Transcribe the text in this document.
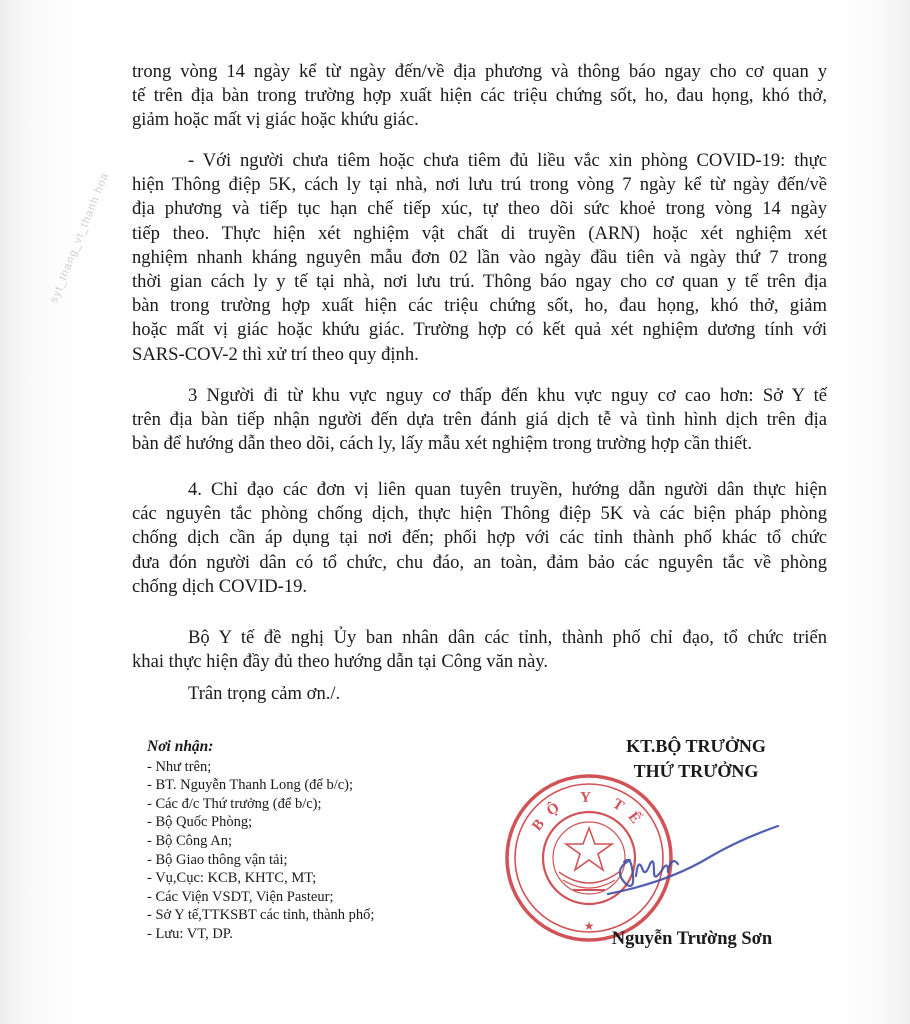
syt_thang_vt_thanh hoa
trong vòng 14 ngày kể từ ngày đến/về địa phương và thông báo ngay cho cơ quan y
tế trên địa bàn trong trường hợp xuất hiện các triệu chứng sốt, ho, đau họng, khó thở,
giảm hoặc mất vị giác hoặc khứu giác.
- Với người chưa tiêm hoặc chưa tiêm đủ liều vắc xin phòng COVID-19: thực
hiện Thông điệp 5K, cách ly tại nhà, nơi lưu trú trong vòng 7 ngày kể từ ngày đến/về
địa phương và tiếp tục hạn chế tiếp xúc, tự theo dõi sức khoẻ trong vòng 14 ngày
tiếp theo. Thực hiện xét nghiệm vật chất di truyền (ARN) hoặc xét nghiệm xét
nghiệm nhanh kháng nguyên mẫu đơn 02 lần vào ngày đầu tiên và ngày thứ 7 trong
thời gian cách ly y tế tại nhà, nơi lưu trú. Thông báo ngay cho cơ quan y tế trên địa
bàn trong trường hợp xuất hiện các triệu chứng sốt, ho, đau họng, khó thở, giảm
hoặc mất vị giác hoặc khứu giác. Trường hợp có kết quả xét nghiệm dương tính với
SARS-COV-2 thì xử trí theo quy định.
3 Người đi từ khu vực nguy cơ thấp đến khu vực nguy cơ cao hơn: Sở Y tế
trên địa bàn tiếp nhận người đến dựa trên đánh giá dịch tễ và tình hình dịch trên địa
bàn để hướng dẫn theo dõi, cách ly, lấy mẫu xét nghiệm trong trường hợp cần thiết.
4. Chỉ đạo các đơn vị liên quan tuyên truyền, hướng dẫn người dân thực hiện
các nguyên tắc phòng chống dịch, thực hiện Thông điệp 5K và các biện pháp phòng
chống dịch cần áp dụng tại nơi đến; phối hợp với các tỉnh thành phố khác tổ chức
đưa đón người dân có tổ chức, chu đáo, an toàn, đảm bảo các nguyên tắc về phòng
chống dịch COVID-19.
Bộ Y tế đề nghị Ủy ban nhân dân các tỉnh, thành phố chỉ đạo, tổ chức triển
khai thực hiện đầy đủ theo hướng dẫn tại Công văn này.
Trân trọng cảm ơn./.
Nơi nhận:
- Như trên;
- BT. Nguyễn Thanh Long (để b/c);
- Các đ/c Thứ trưởng (để b/c);
- Bộ Quốc Phòng;
- Bộ Công An;
- Bộ Giao thông vận tải;
- Vụ,Cục: KCB, KHTC, MT;
- Các Viện VSDT, Viện Pasteur;
- Sở Y tế,TTKSBT các tỉnh, thành phố;
- Lưu: VT, DP.
KT.BỘ TRƯỞNG
THỨ TRƯỞNG
BỘ Y TẾ
★
Nguyễn Trường Sơn
